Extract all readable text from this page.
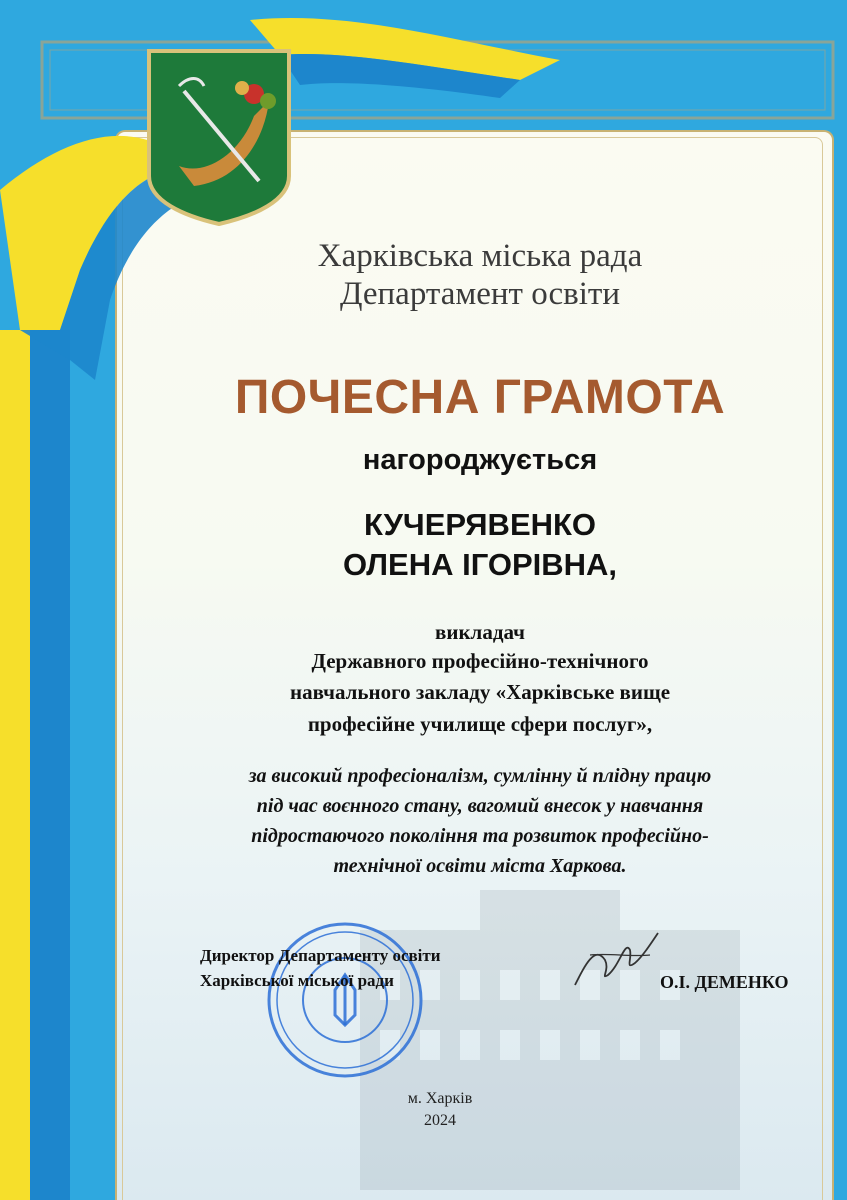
Харківська міська рада
Департамент освіти
ПОЧЕСНА ГРАМОТА
нагороджується
КУЧЕРЯВЕНКО
ОЛЕНА ІГОРІВНА,
викладач
Державного професійно-технічного
навчального закладу «Харківське вище
професійне училище сфери послуг»,
за високий професіоналізм, сумлінну й плідну працю
під час воєнного стану, вагомий внесок у навчання
підростаючого покоління та розвиток професійно-
технічної освіти міста Харкова.
Директор Департаменту освіти
Харківської міської ради	О.І. ДЕМЕНКО
м. Харків
2024
